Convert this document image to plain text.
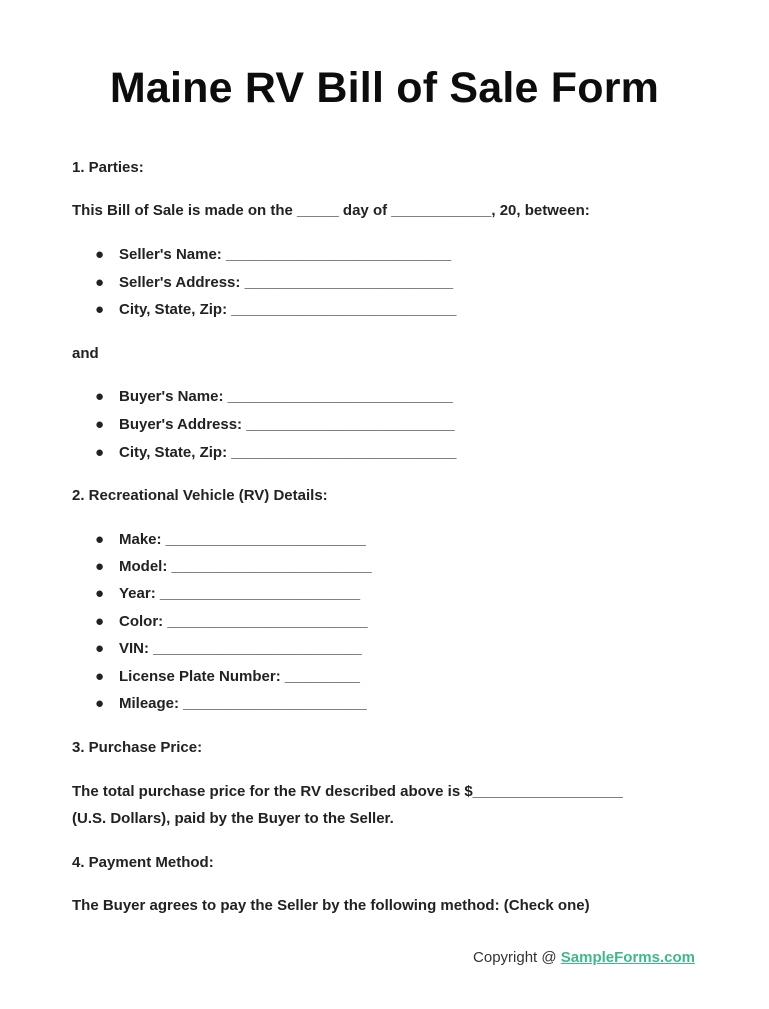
Maine RV Bill of Sale Form

1. Parties:

This Bill of Sale is made on the _____ day of ____________, 20, between:

● Seller's Name: ___________________________
● Seller's Address: _________________________
● City, State, Zip: ___________________________

and

● Buyer's Name: ___________________________
● Buyer's Address: _________________________
● City, State, Zip: ___________________________

2. Recreational Vehicle (RV) Details:

● Make: ________________________
● Model: ________________________
● Year: ________________________
● Color: ________________________
● VIN: _________________________
● License Plate Number: _________
● Mileage: ______________________

3. Purchase Price:

The total purchase price for the RV described above is $__________________

(U.S. Dollars), paid by the Buyer to the Seller.

4. Payment Method:

The Buyer agrees to pay the Seller by the following method: (Check one)

Copyright @ SampleForms.com
